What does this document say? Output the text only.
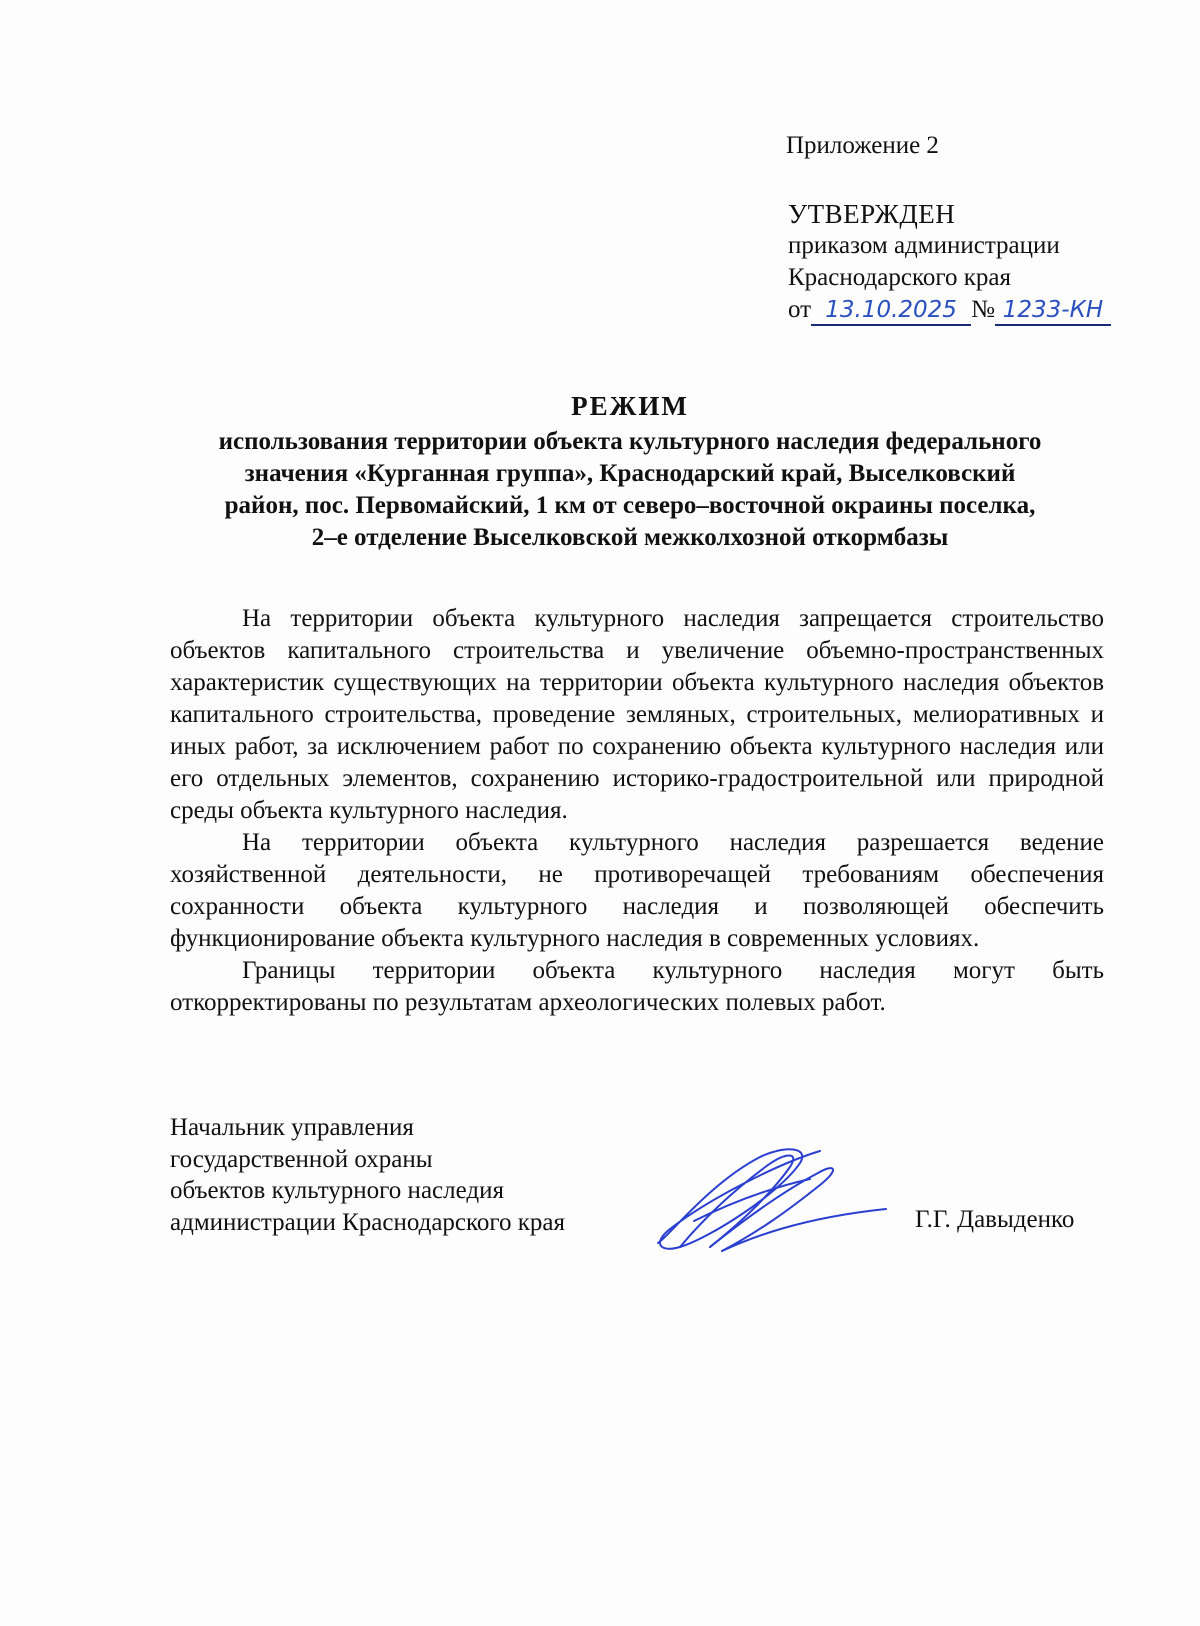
Приложение 2
УТВЕРЖДЕН
приказом администрации
Краснодарского края
от 13.10.2025 № 1233-КН
РЕЖИМ
использования территории объекта культурного наследия федерального
значения «Курганная группа», Краснодарский край, Выселковский
район, пос. Первомайский, 1 км от северо–восточной окраины поселка,
2–е отделение Выселковской межколхозной откормбазы

На территории объекта культурного наследия запрещается строительство объектов капитального строительства и увеличение объемно-пространственных характеристик существующих на территории объекта культурного наследия объектов капитального строительства, проведение земляных, строительных, мелиоративных и иных работ, за исключением работ по сохранению объекта культурного наследия или его отдельных элементов, сохранению историко-градостроительной или природной среды объекта культурного наследия.

На территории объекта культурного наследия разрешается ведение хозяйственной деятельности, не противоречащей требованиям обеспечения сохранности объекта культурного наследия и позволяющей обеспечить функционирование объекта культурного наследия в современных условиях.

Границы территории объекта культурного наследия могут быть откорректированы по результатам археологических полевых работ.

Начальник управления
государственной охраны
объектов культурного наследия
администрации Краснодарского края	Г.Г. Давыденко
